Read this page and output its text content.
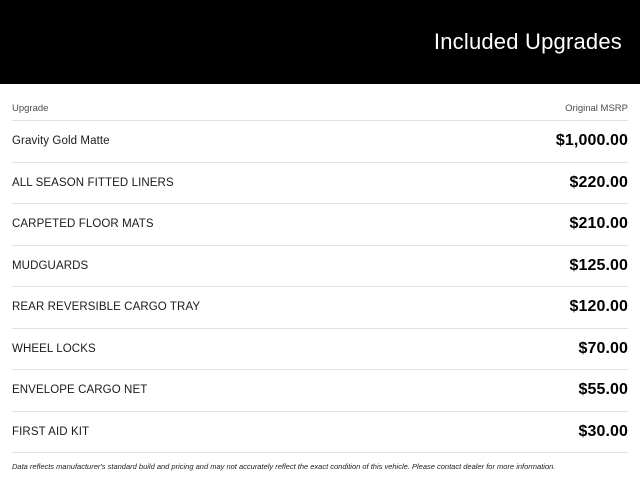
Included Upgrades
Upgrade	Original MSRP
Gravity Gold Matte	$1,000.00
ALL SEASON FITTED LINERS	$220.00
CARPETED FLOOR MATS	$210.00
MUDGUARDS	$125.00
REAR REVERSIBLE CARGO TRAY	$120.00
WHEEL LOCKS	$70.00
ENVELOPE CARGO NET	$55.00
FIRST AID KIT	$30.00
Data reflects manufacturer's standard build and pricing and may not accurately reflect the exact condition of this vehicle. Please contact dealer for more information.
